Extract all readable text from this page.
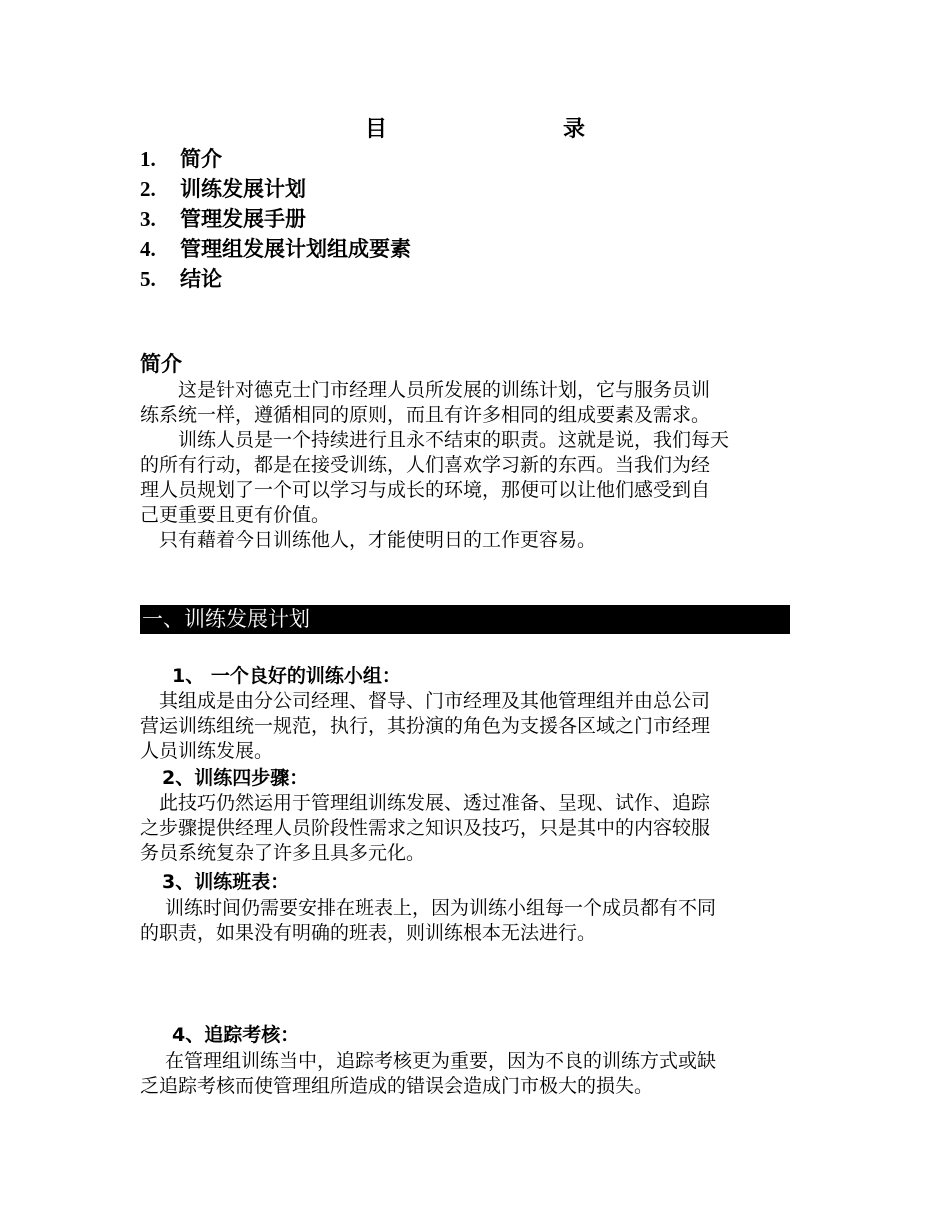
目	录
1. 简介
2. 训练发展计划
3. 管理发展手册
4. 管理组发展计划组成要素
5. 结论
简介

　　这是针对德克士门市经理人员所发展的训练计划，它与服务员训
练系统一样，遵循相同的原则，而且有许多相同的组成要素及需求。

　　训练人员是一个持续进行且永不结束的职责。这就是说，我们每天
的所有行动，都是在接受训练，人们喜欢学习新的东西。当我们为经
理人员规划了一个可以学习与成长的环境，那便可以让他们感受到自
己更重要且更有价值。

　只有藉着今日训练他人，才能使明日的工作更容易。

一、训练发展计划
1、 一个良好的训练小组：

　其组成是由分公司经理、督导、门市经理及其他管理组并由总公司
营运训练组统一规范，执行，其扮演的角色为支援各区域之门市经理
人员训练发展。

2、训练四步骤：

　此技巧仍然运用于管理组训练发展、透过准备、呈现、试作、追踪
之步骤提供经理人员阶段性需求之知识及技巧，只是其中的内容较服
务员系统复杂了许多且具多元化。

3、训练班表：

　 训练时间仍需要安排在班表上，因为训练小组每一个成员都有不同
的职责，如果没有明确的班表，则训练根本无法进行。

4、追踪考核：

　 在管理组训练当中，追踪考核更为重要，因为不良的训练方式或缺
乏追踪考核而使管理组所造成的错误会造成门市极大的损失。
